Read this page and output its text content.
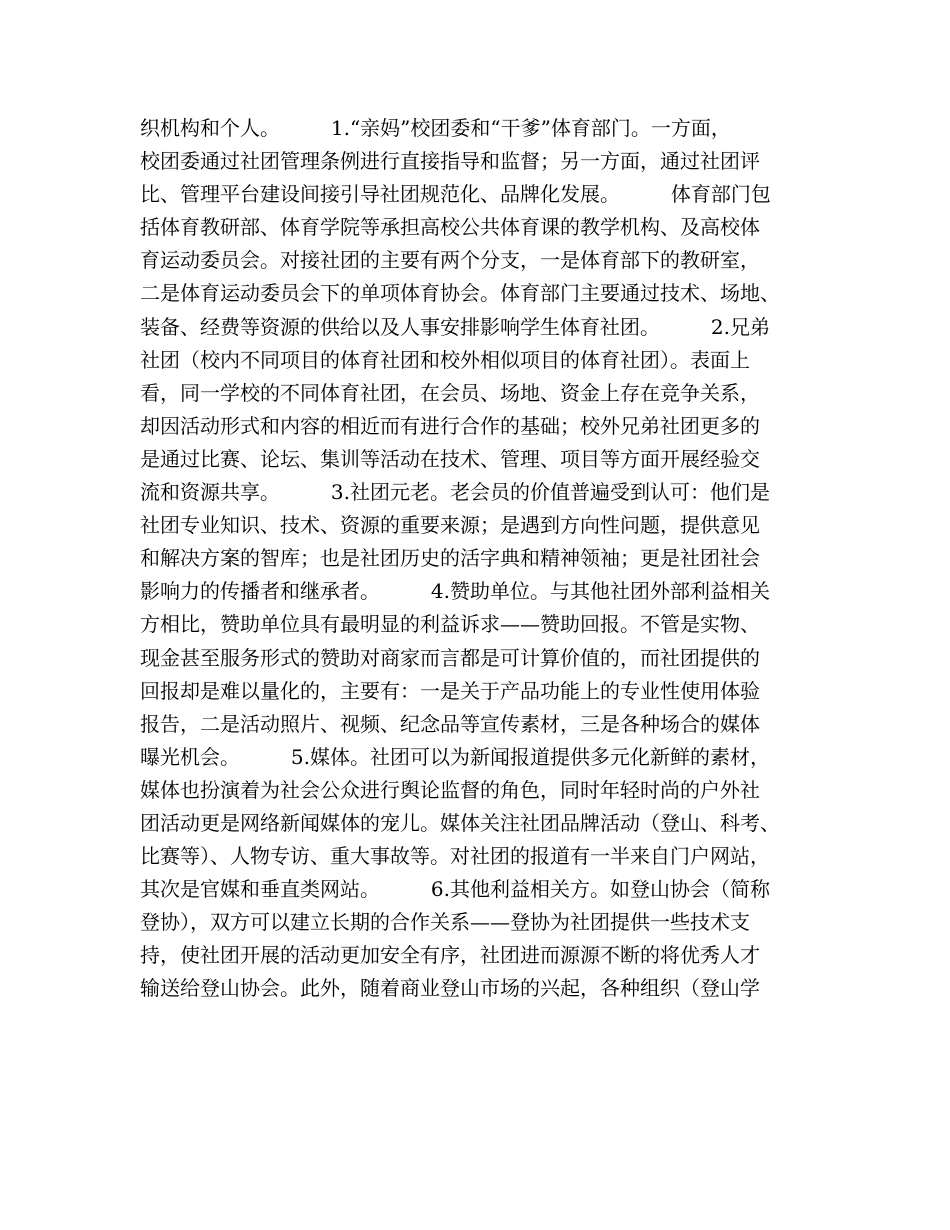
织机构和个人。        1.“亲妈”校团委和“干爹”体育部门。一方面，
校团委通过社团管理条例进行直接指导和监督；另一方面，通过社团评
比、管理平台建设间接引导社团规范化、品牌化发展。        体育部门包
括体育教研部、体育学院等承担高校公共体育课的教学机构、及高校体
育运动委员会。对接社团的主要有两个分支，一是体育部下的教研室，
二是体育运动委员会下的单项体育协会。体育部门主要通过技术、场地、
装备、经费等资源的供给以及人事安排影响学生体育社团。        2.兄弟
社团（校内不同项目的体育社团和校外相似项目的体育社团）。表面上
看，同一学校的不同体育社团，在会员、场地、资金上存在竞争关系，
却因活动形式和内容的相近而有进行合作的基础；校外兄弟社团更多的
是通过比赛、论坛、集训等活动在技术、管理、项目等方面开展经验交
流和资源共享。        3.社团元老。老会员的价值普遍受到认可：他们是
社团专业知识、技术、资源的重要来源；是遇到方向性问题，提供意见
和解决方案的智库；也是社团历史的活字典和精神领袖；更是社团社会
影响力的传播者和继承者。        4.赞助单位。与其他社团外部利益相关
方相比，赞助单位具有最明显的利益诉求——赞助回报。不管是实物、
现金甚至服务形式的赞助对商家而言都是可计算价值的，而社团提供的
回报却是难以量化的，主要有：一是关于产品功能上的专业性使用体验
报告，二是活动照片、视频、纪念品等宣传素材，三是各种场合的媒体
曝光机会。        5.媒体。社团可以为新闻报道提供多元化新鲜的素材，
媒体也扮演着为社会公众进行舆论监督的角色，同时年轻时尚的户外社
团活动更是网络新闻媒体的宠儿。媒体关注社团品牌活动（登山、科考、
比赛等）、人物专访、重大事故等。对社团的报道有一半来自门户网站，
其次是官媒和垂直类网站。        6.其他利益相关方。如登山协会（简称
登协），双方可以建立长期的合作关系——登协为社团提供一些技术支
持，使社团开展的活动更加安全有序，社团进而源源不断的将优秀人才
输送给登山协会。此外，随着商业登山市场的兴起，各种组织（登山学
